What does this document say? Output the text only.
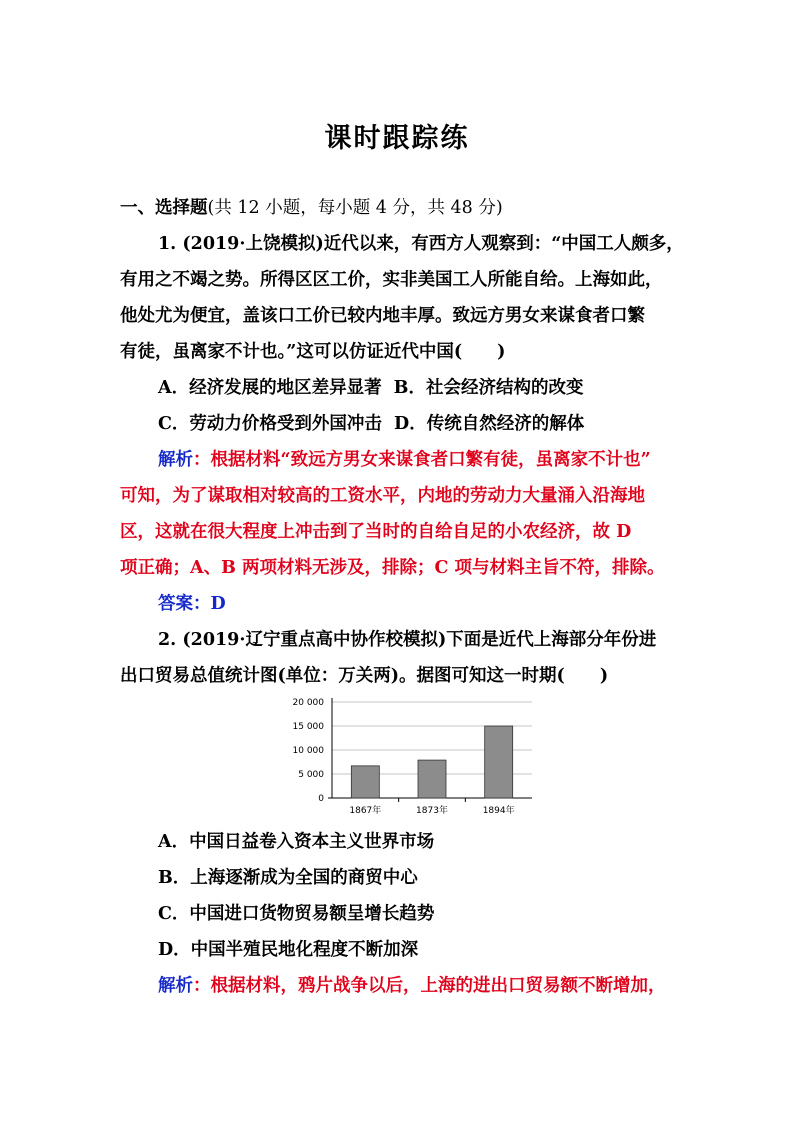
课时跟踪练
一、选择题(共 12 小题，每小题 4 分，共 48 分)
1. (2019·上饶模拟)近代以来，有西方人观察到：“中国工人颇多，
有用之不竭之势。所得区区工价，实非美国工人所能自给。上海如此，
他处尤为便宜，盖该口工价已较内地丰厚。致远方男女来谋食者口繁
有徒，虽离家不计也。”这可以仿证近代中国(　　)
A．经济发展的地区差异显著 B．社会经济结构的改变
C．劳动力价格受到外国冲击 D．传统自然经济的解体
解析：根据材料“致远方男女来谋食者口繁有徒，虽离家不计也”
可知，为了谋取相对较高的工资水平，内地的劳动力大量涌入沿海地
区，这就在很大程度上冲击到了当时的自给自足的小农经济，故 D
项正确；A、B 两项材料无涉及，排除；C 项与材料主旨不符，排除。
答案：D
2. (2019·辽宁重点高中协作校模拟)下面是近代上海部分年份进
出口贸易总值统计图(单位：万关两)。据图可知这一时期(　　)
20 000
15 000
10 000
5 000
0
1867年	1873年	1894年
A．中国日益卷入资本主义世界市场
B．上海逐渐成为全国的商贸中心
C．中国进口货物贸易额呈增长趋势
D．中国半殖民地化程度不断加深
解析：根据材料，鸦片战争以后，上海的进出口贸易额不断增加，
